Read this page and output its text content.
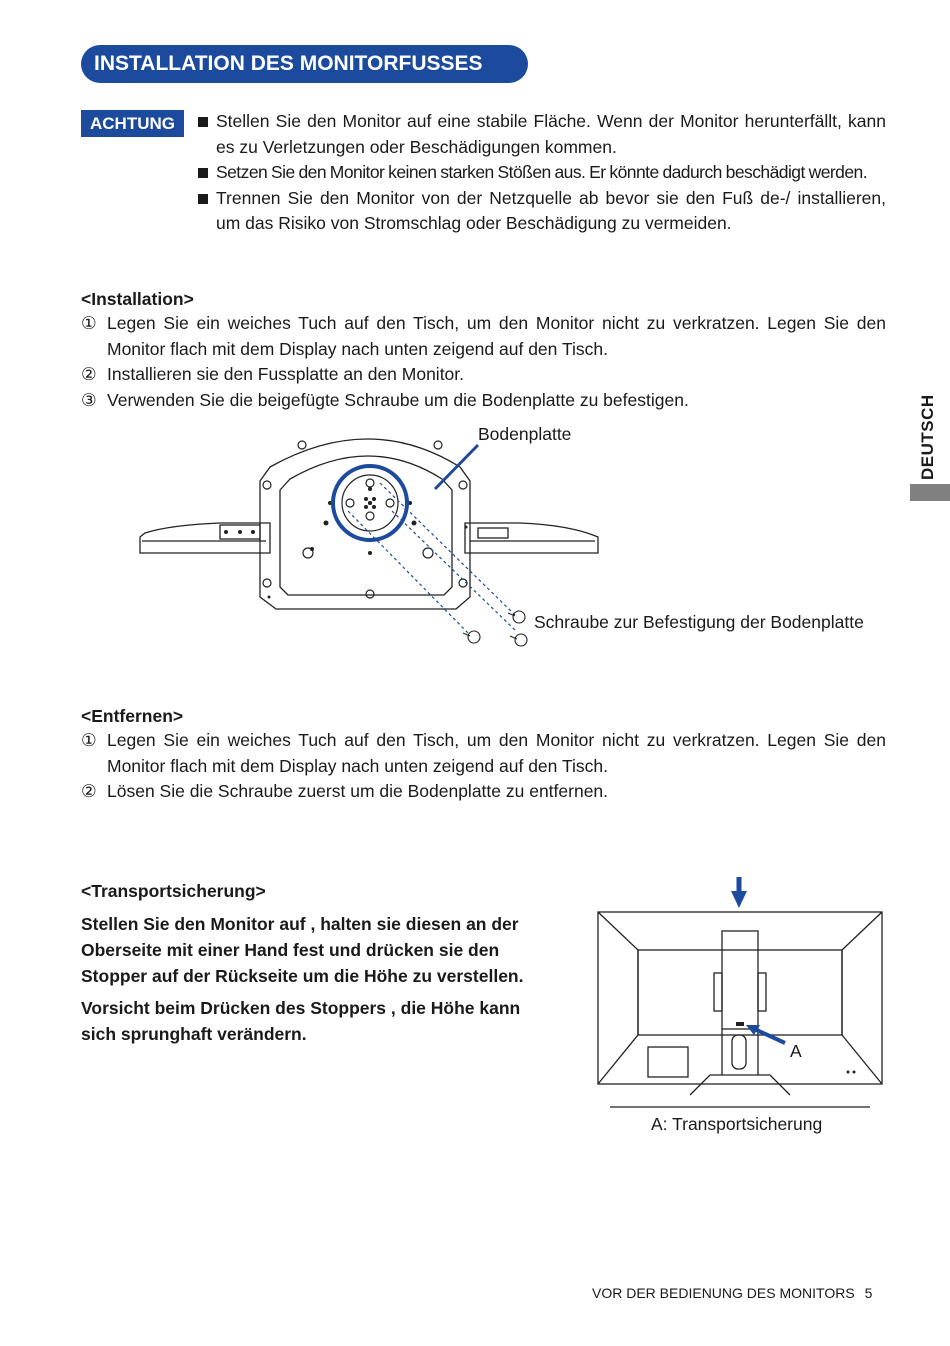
INSTALLATION DES MONITORFUSSES
ACHTUNG	Stellen Sie den Monitor auf eine stabile Fläche. Wenn der Monitor herunterfällt, kann es zu Verletzungen oder Beschädigungen kommen.
Setzen Sie den Monitor keinen starken Stößen aus. Er könnte dadurch beschädigt werden.
Trennen Sie den Monitor von der Netzquelle ab bevor sie den Fuß de-/ installieren, um das Risiko von Stromschlag oder Beschädigung zu vermeiden.
<Installation>
① Legen Sie ein weiches Tuch auf den Tisch, um den Monitor nicht zu verkratzen. Legen Sie den Monitor flach mit dem Display nach unten zeigend auf den Tisch.
② Installieren sie den Fussplatte an den Monitor.
③ Verwenden Sie die beigefügte Schraube um die Bodenplatte zu befestigen.
Bodenplatte
Schraube zur Befestigung der Bodenplatte
<Entfernen>
① Legen Sie ein weiches Tuch auf den Tisch, um den Monitor nicht zu verkratzen. Legen Sie den Monitor flach mit dem Display nach unten zeigend auf den Tisch.
② Lösen Sie die Schraube zuerst um die Bodenplatte zu entfernen.
<Transportsicherung>

Stellen Sie den Monitor auf , halten sie diesen an der Oberseite mit einer Hand fest und drücken sie den Stopper auf der Rückseite um die Höhe zu verstellen.

Vorsicht beim Drücken des Stoppers , die Höhe kann sich sprunghaft verändern.

A
A: Transportsicherung
DEUTSCH
VOR DER BEDIENUNG DES MONITORS 5
